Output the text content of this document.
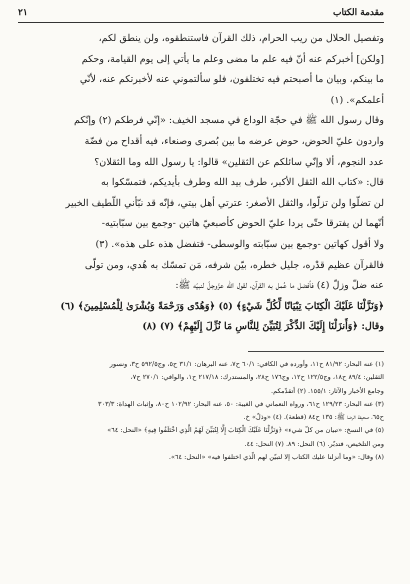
مقدمة الكتاب
٢١

وتفصيل الحلال من ريب الحرام، ذلك القرآن فاستنطقوه، ولن ينطق لكم،

[ولكن] أخبركم عنه أنّ فيه علم ما مضى وعلم ما يأتي إلى يوم القيامة، وحكم

ما بينكم، وبيان ما أصبحتم فيه تختلفون، فلو سألتموني عنه لأخبرتكم عنه، لأنّي

أعلمكم». (١)

وقال رسول الله ﷺ في حجّة الوداع في مسجد الخيف: «إنّي فرطكم (٢) وإنّكم

واردون عليّ الحوض، حوض عرضه ما بين بُصرى وصنعاء، فيه أقداح من فضّة

عدد النجوم، ألا وإنّي سائلكم عن الثقلين» قالوا: يا رسول الله وما الثقلان؟

قال: «كتاب الله الثقل الأكبر، طرف بيد الله وطرف بأيديكم، فتمسّكوا به

لن تضلّوا ولن تزلّوا، والثقل الأصغر: عترتي أهل بيتي، فإنّه قد نبّأني اللّطيف الخبير

أنّهما لن يفترقا حتّى يردا عليّ الحوض كأصبعيّ هاتين -وجمع بين سبّابتيه-

ولا أقول كهاتين -وجمع بين سبّابته والوسطى- فتفضل هذه على هذه». (٣)

فالقرآن عظيم قدْره، جليل خطره، بيّن شرفه، مَن تمسّك به هُدي، ومن تولّى

عنه ضلّ وزلّ (٤) فأفضل ما عُمل به القرآن، لقول الله عزّوجلّ لنبيّه ﷺ:

﴿وَنَزَّلْنَا عَلَيْكَ الْكِتَابَ تِبْيَانًا لِّكُلِّ شَيْءٍ﴾ (٥) ﴿وَهُدًى وَرَحْمَةً وَبُشْرَىٰ لِلْمُسْلِمِينَ﴾ (٦)

وقال: ﴿وَأَنزَلْنَا إِلَيْكَ الذِّكْرَ لِتُبَيِّنَ لِلنَّاسِ مَا نُزِّلَ إِلَيْهِمْ﴾ (٧) (٨)

(١) عنه البحار: ٨١/٩٢ ح١١، وأورده في الكافي: ٦٠/١ ح٧، عنه البرهان: ٣١/١ ح٥، وج٥٩٢/٥ ح٣، ونسور

الثقلين: ٨٩/٤ ح١٨، وج١٢٢/٥ ح١٢، وج١٧٦ ح٢٨، والمستدرك: ٢١٧/١٨ ح١، والوافي: ٢٧٠/١ ح٧،

وجامع الأخبار والآثار: ١٥٥/١. (٢) أتقدّمكم.

(٣) عنه البحار: ١٢٩/٢٣ ح٦١، ورواه النعماني في الغيبة: ٥٠، عنه البحار: ١٠٢/٩٢ ح٨٠، وإثبات الهداة: ٣٠٣/٣

ح٦٥، صحيفة الرضا ﷺ: ١٣٥ ح٨٤ (قطعة). (٤) «وذلّ» خ.

(٥) في النسخ: «تبيان من كلّ شيء» ﴿وَنَزَّلْنَا عَلَيْكَ الْكِتَابَ إِلَّا لِتُبَيِّنَ لَهُمُ الَّذِي اخْتَلَفُوا فِيهِ﴾ «النحل: ٦٤»

ومن التلخيص، فتدبّر. (٦) النحل: ٨٩. (٧) النحل: ٤٤.

(٨) وقال: «وما أنزلنا عليك الكتاب إلا لتبيّن لهم الّذي اختلفوا فيه» «النحل: ٦٤».
